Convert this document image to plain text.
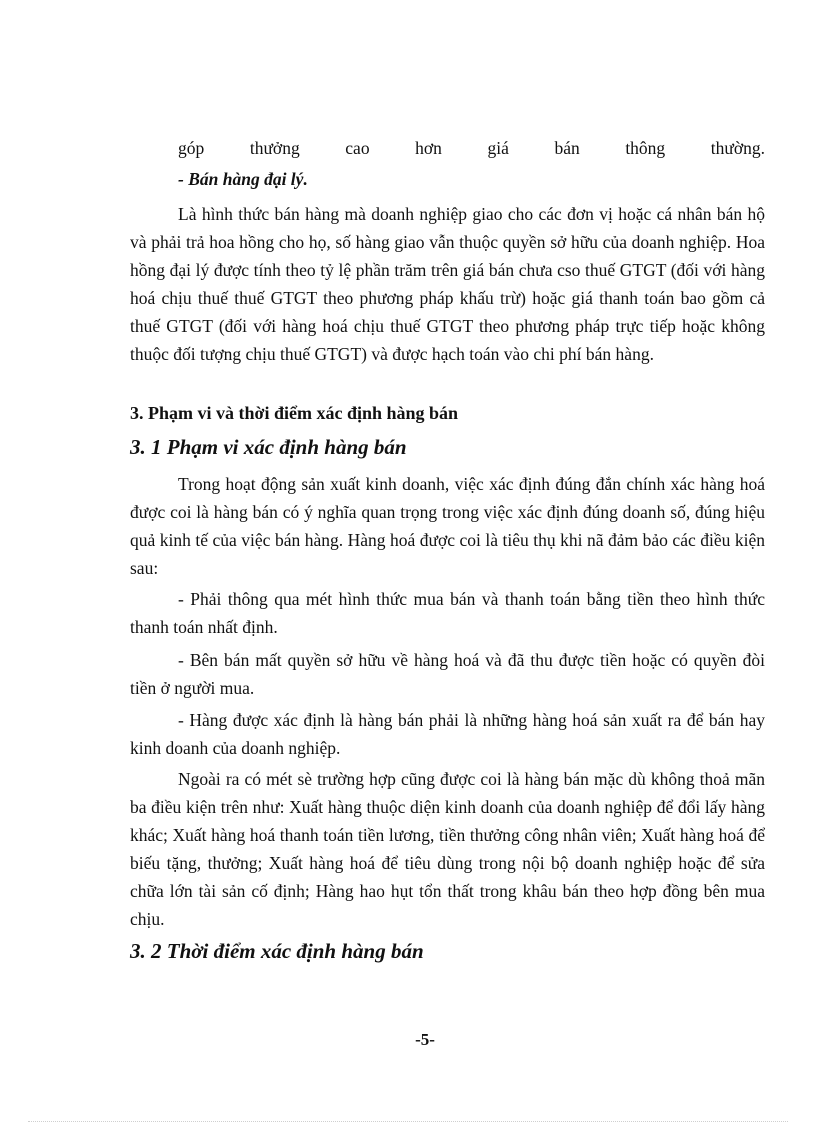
góp thưởng cao hơn giá bán thông thường.

- Bán hàng đại lý.

Là hình thức bán hàng mà doanh nghiệp giao cho các đơn vị hoặc cá nhân bán hộ và phải trả hoa hồng cho họ, số hàng giao vẫn thuộc quyền sở hữu của doanh nghiệp. Hoa hồng đại lý được tính theo tỷ lệ phần trăm trên giá bán chưa cso thuế GTGT (đối với hàng hoá chịu thuế thuế GTGT theo phương pháp khấu trừ) hoặc giá thanh toán bao gồm cả thuế GTGT (đối với hàng hoá chịu thuế GTGT theo phương pháp trực tiếp hoặc không thuộc đối tượng chịu thuế GTGT) và được hạch toán vào chi phí bán hàng.

3. Phạm vi và thời điểm xác định hàng bán

3. 1 Phạm vi xác định hàng bán

Trong hoạt động sản xuất kinh doanh, việc xác định đúng đắn chính xác hàng hoá được coi là hàng bán có ý nghĩa quan trọng trong việc xác định đúng doanh số, đúng hiệu quả kinh tế của việc bán hàng. Hàng hoá được coi là tiêu thụ khi nã đảm bảo các điều kiện sau:

- Phải thông qua mét hình thức mua bán và thanh toán bằng tiền theo hình thức thanh toán nhất định.

- Bên bán mất quyền sở hữu về hàng hoá và đã thu được tiền hoặc có quyền đòi tiền ở người mua.

- Hàng được xác định là hàng bán phải là những hàng hoá sản xuất ra để bán hay kinh doanh của doanh nghiệp.

Ngoài ra có mét sè trường hợp cũng được coi là hàng bán mặc dù không thoả mãn ba điều kiện trên như: Xuất hàng thuộc diện kinh doanh của doanh nghiệp để đổi lấy hàng khác; Xuất hàng hoá thanh toán tiền lương, tiền thưởng công nhân viên; Xuất hàng hoá để biếu tặng, thưởng; Xuất hàng hoá để tiêu dùng trong nội bộ doanh nghiệp hoặc để sửa chữa lớn tài sản cố định; Hàng hao hụt tổn thất trong khâu bán theo hợp đồng bên mua chịu.

3. 2 Thời điểm xác định hàng bán

-5-
